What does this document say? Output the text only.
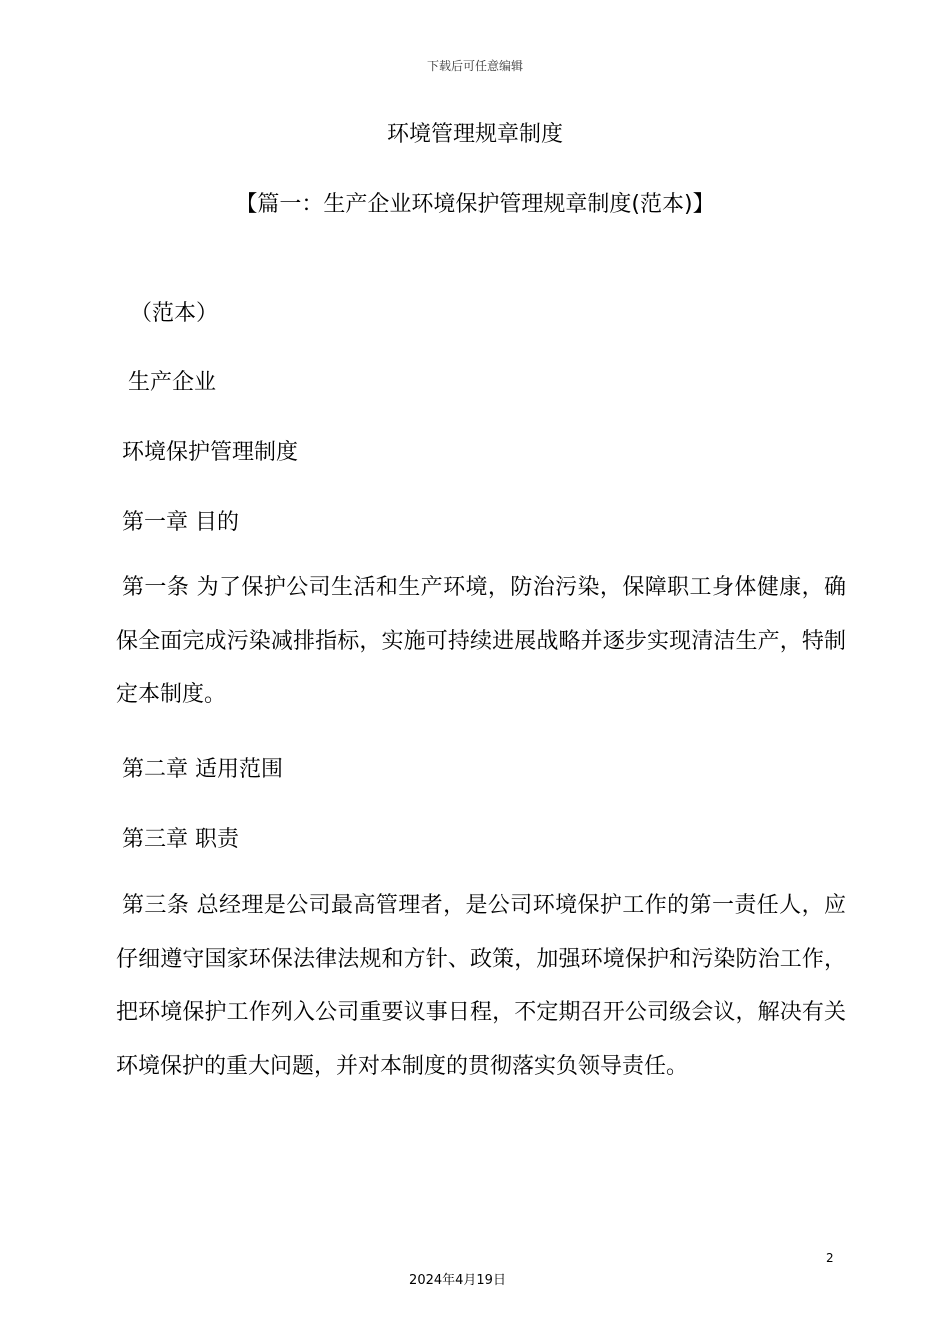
下载后可任意编辑
环境管理规章制度
【篇一：生产企业环境保护管理规章制度(范本)】
（范本）
生产企业
环境保护管理制度
第一章 目的
第一条 为了保护公司生活和生产环境，防治污染，保障职工身体健康，确保全面完成污染减排指标，实施可持续进展战略并逐步实现清洁生产，特制定本制度。
第二章 适用范围
第三章 职责
第三条 总经理是公司最高管理者，是公司环境保护工作的第一责任人，应仔细遵守国家环保法律法规和方针、政策，加强环境保护和污染防治工作，把环境保护工作列入公司重要议事日程，不定期召开公司级会议，解决有关环境保护的重大问题，并对本制度的贯彻落实负领导责任。
2
2024年4月19日
